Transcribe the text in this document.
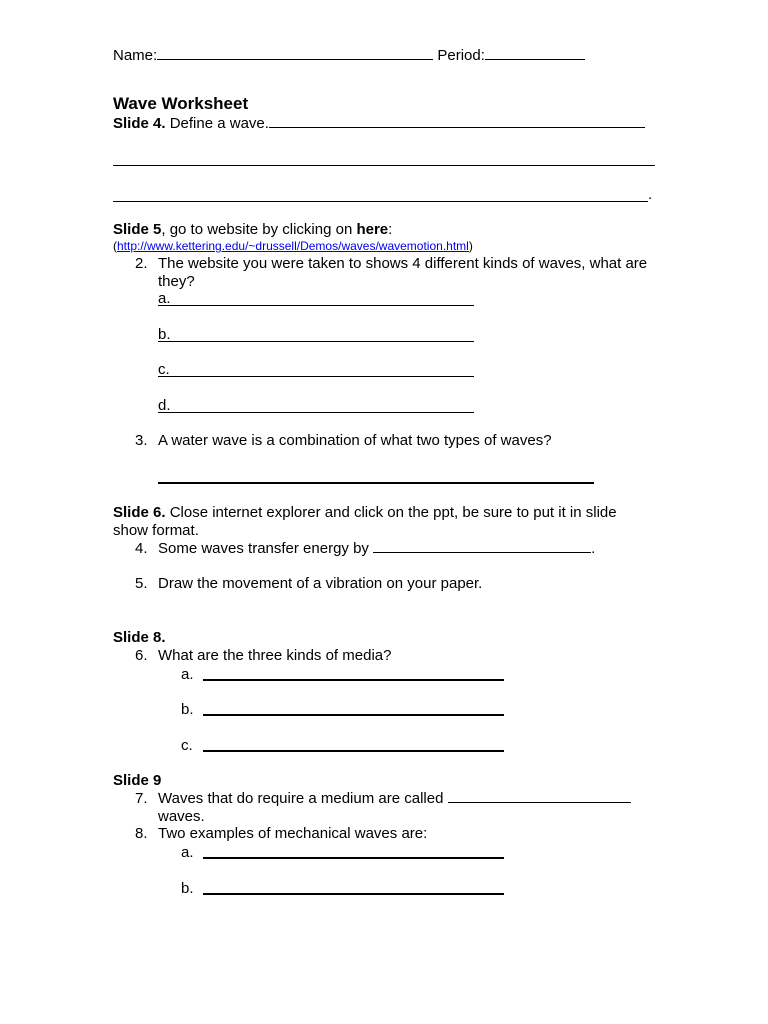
Name:	Period:
Wave Worksheet
Slide 4. Define a wave.
.
Slide 5, go to website by clicking on here:
(http://www.kettering.edu/~drussell/Demos/waves/wavemotion.html)
2. The website you were taken to shows 4 different kinds of waves, what are
they?
a.
b.
c.
d.
3. A water wave is a combination of what two types of waves?
Slide 6. Close internet explorer and click on the ppt, be sure to put it in slide
show format.
4. Some waves transfer energy by	.
5. Draw the movement of a vibration on your paper.
Slide 8.
6. What are the three kinds of media?
a.
b.
c.
Slide 9
7. Waves that do require a medium are called
waves.
8. Two examples of mechanical waves are:
a.
b.
